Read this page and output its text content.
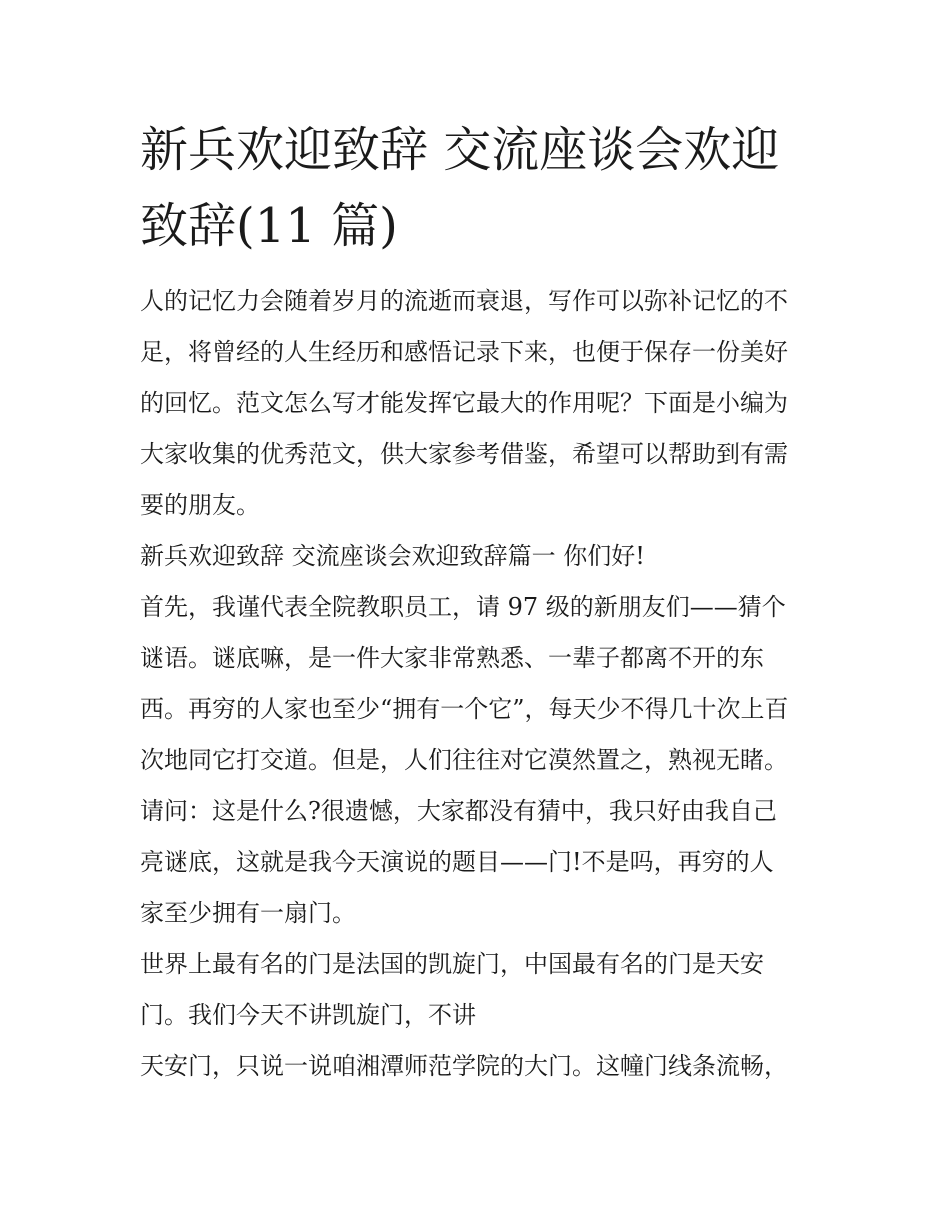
新兵欢迎致辞 交流座谈会欢迎
致辞(11 篇)

人的记忆力会随着岁月的流逝而衰退，写作可以弥补记忆的不
足，将曾经的人生经历和感悟记录下来，也便于保存一份美好
的回忆。范文怎么写才能发挥它最大的作用呢？下面是小编为
大家收集的优秀范文，供大家参考借鉴，希望可以帮助到有需
要的朋友。

新兵欢迎致辞 交流座谈会欢迎致辞篇一 你们好!

首先，我谨代表全院教职员工，请 97 级的新朋友们——猜个
谜语。谜底嘛，是一件大家非常熟悉、一辈子都离不开的东
西。再穷的人家也至少“拥有一个它”，每天少不得几十次上百
次地同它打交道。但是，人们往往对它漠然置之，熟视无睹。
请问：这是什么?很遗憾，大家都没有猜中，我只好由我自己
亮谜底，这就是我今天演说的题目——门!不是吗，再穷的人
家至少拥有一扇门。

世界上最有名的门是法国的凯旋门，中国最有名的门是天安
门。我们今天不讲凯旋门，不讲

天安门，只说一说咱湘潭师范学院的大门。这幢门线条流畅，
